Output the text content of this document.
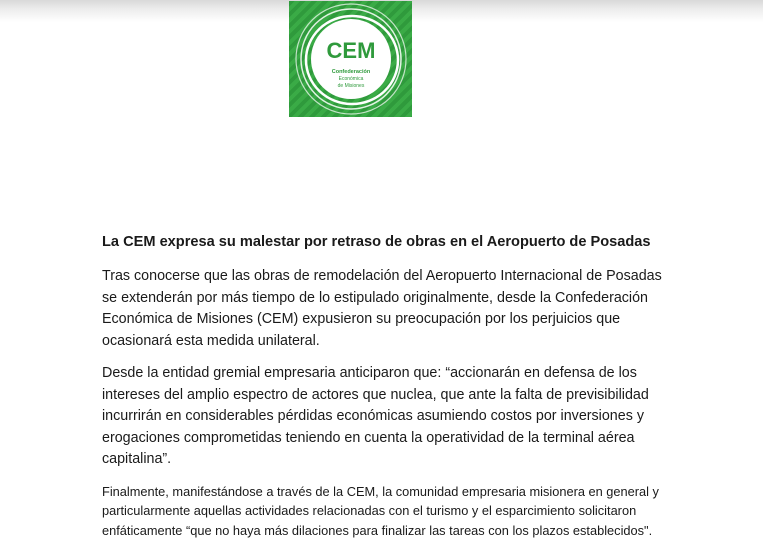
CEM
Confederación
Económica
de Misiones
La CEM expresa su malestar por retraso de obras en el Aeropuerto de Posadas

Tras conocerse que las obras de remodelación del Aeropuerto Internacional de Posadas se extenderán por más tiempo de lo estipulado originalmente, desde la Confederación Económica de Misiones (CEM) expusieron su preocupación por los perjuicios que ocasionará esta medida unilateral.

Desde la entidad gremial empresaria anticiparon que: “accionarán en defensa de los intereses del amplio espectro de actores que nuclea, que ante la falta de previsibilidad incurrirán en considerables pérdidas económicas asumiendo costos por inversiones y erogaciones comprometidas teniendo en cuenta la operatividad de la terminal aérea capitalina”.

Finalmente, manifestándose a través de la CEM, la comunidad empresaria misionera en general y particularmente aquellas actividades relacionadas con el turismo y el esparcimiento solicitaron enfáticamente “que no haya más dilaciones para finalizar las tareas con los plazos establecidos".
